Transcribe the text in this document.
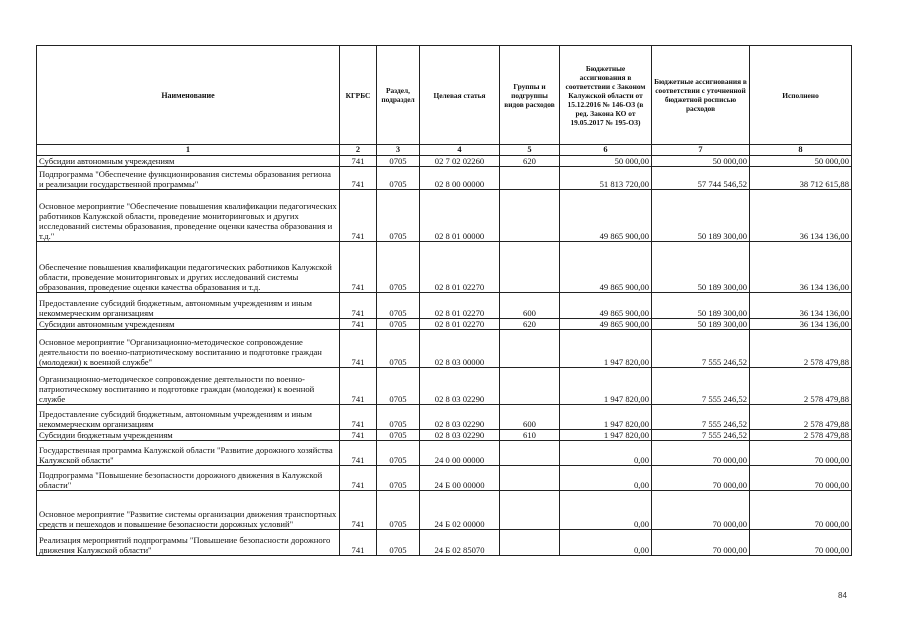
Наименование	КГРБС	Раздел, подраздел	Целевая статья	Группы и подгруппы видов расходов	Бюджетные ассигнования в соответствии с Законом Калужской области от 15.12.2016 № 146-ОЗ (в ред. Закона КО от 19.05.2017 № 195-ОЗ)	Бюджетные ассигнования в соответствии с уточненной бюджетной росписью расходов	Исполнено
1	2	3	4	5	6	7	8
Субсидии автономным учреждениям	741	0705	02 7 02 02260	620	50 000,00	50 000,00	50 000,00
Подпрограмма "Обеспечение функционирования системы образования региона и реализации государственной программы"	741	0705	02 8 00 00000		51 813 720,00	57 744 546,52	38 712 615,88
Основное мероприятие "Обеспечение повышения квалификации педагогических работников Калужской области, проведение мониторинговых и других исследований системы образования, проведение оценки качества образования и т.д."	741	0705	02 8 01 00000		49 865 900,00	50 189 300,00	36 134 136,00
Обеспечение повышения квалификации педагогических работников Калужской области, проведение мониторинговых и других исследований системы образования, проведение оценки качества образования и т.д.	741	0705	02 8 01 02270		49 865 900,00	50 189 300,00	36 134 136,00
Предоставление субсидий бюджетным, автономным учреждениям и иным некоммерческим организациям	741	0705	02 8 01 02270	600	49 865 900,00	50 189 300,00	36 134 136,00
Субсидии автономным учреждениям	741	0705	02 8 01 02270	620	49 865 900,00	50 189 300,00	36 134 136,00
Основное мероприятие "Организационно-методическое сопровождение деятельности по военно-патриотическому воспитанию и подготовке граждан (молодежи) к военной службе"	741	0705	02 8 03 00000		1 947 820,00	7 555 246,52	2 578 479,88
Организационно-методическое сопровождение деятельности по военно-патриотическому воспитанию и подготовке граждан (молодежи) к военной службе	741	0705	02 8 03 02290		1 947 820,00	7 555 246,52	2 578 479,88
Предоставление субсидий бюджетным, автономным учреждениям и иным некоммерческим организациям	741	0705	02 8 03 02290	600	1 947 820,00	7 555 246,52	2 578 479,88
Субсидии бюджетным учреждениям	741	0705	02 8 03 02290	610	1 947 820,00	7 555 246,52	2 578 479,88
Государственная программа Калужской области "Развитие дорожного хозяйства Калужской области"	741	0705	24 0 00 00000		0,00	70 000,00	70 000,00
Подпрограмма "Повышение безопасности дорожного движения в Калужской области"	741	0705	24 Б 00 00000		0,00	70 000,00	70 000,00
Основное мероприятие "Развитие системы организации движения транспортных средств и пешеходов и повышение безопасности дорожных условий"	741	0705	24 Б 02 00000		0,00	70 000,00	70 000,00
Реализация мероприятий подпрограммы "Повышение безопасности дорожного движения Калужской области"	741	0705	24 Б 02 85070		0,00	70 000,00	70 000,00
84
